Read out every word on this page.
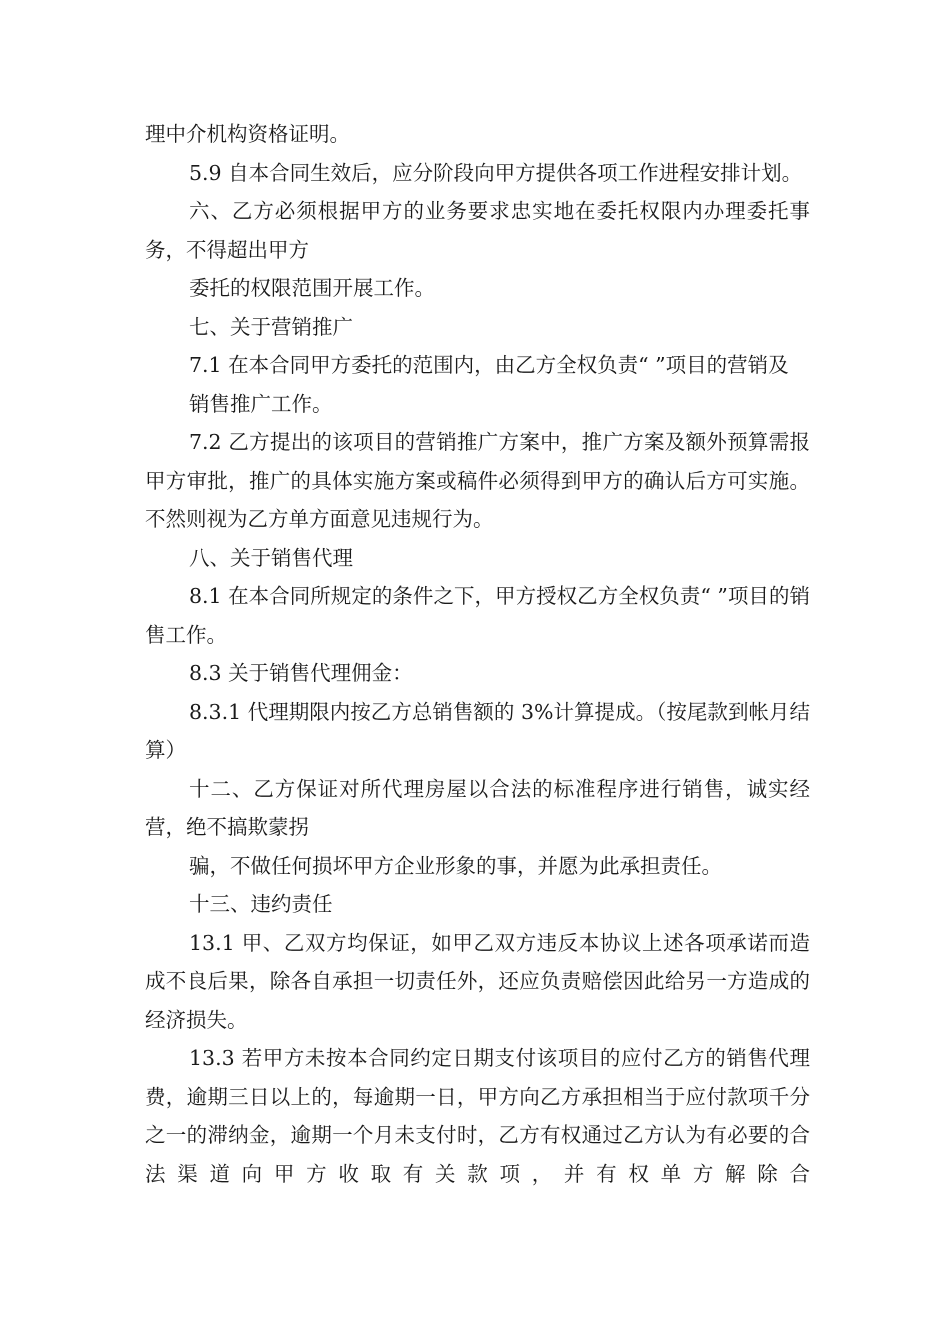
理中介机构资格证明。

5.9 自本合同生效后，应分阶段向甲方提供各项工作进程安排计划。

六、乙方必须根据甲方的业务要求忠实地在委托权限内办理委托事务，不得超出甲方

委托的权限范围开展工作。

七、关于营销推广

7.1 在本合同甲方委托的范围内，由乙方全权负责“ ”项目的营销及

销售推广工作。

7.2 乙方提出的该项目的营销推广方案中，推广方案及额外预算需报甲方审批，推广的具体实施方案或稿件必须得到甲方的确认后方可实施。不然则视为乙方单方面意见违规行为。

八、关于销售代理

8.1 在本合同所规定的条件之下，甲方授权乙方全权负责“ ”项目的销售工作。

8.3 关于销售代理佣金：

8.3.1 代理期限内按乙方总销售额的 3%计算提成。（按尾款到帐月结算）

十二、乙方保证对所代理房屋以合法的标准程序进行销售，诚实经营，绝不搞欺蒙拐

骗，不做任何损坏甲方企业形象的事，并愿为此承担责任。

十三、违约责任

13.1 甲、乙双方均保证，如甲乙双方违反本协议上述各项承诺而造成不良后果，除各自承担一切责任外，还应负责赔偿因此给另一方造成的经济损失。

13.3 若甲方未按本合同约定日期支付该项目的应付乙方的销售代理费，逾期三日以上的，每逾期一日，甲方向乙方承担相当于应付款项千分之一的滞纳金，逾期一个月未支付时，乙方有权通过乙方认为有必要的合法渠道向甲方收取有关款项，并有权单方解除合
